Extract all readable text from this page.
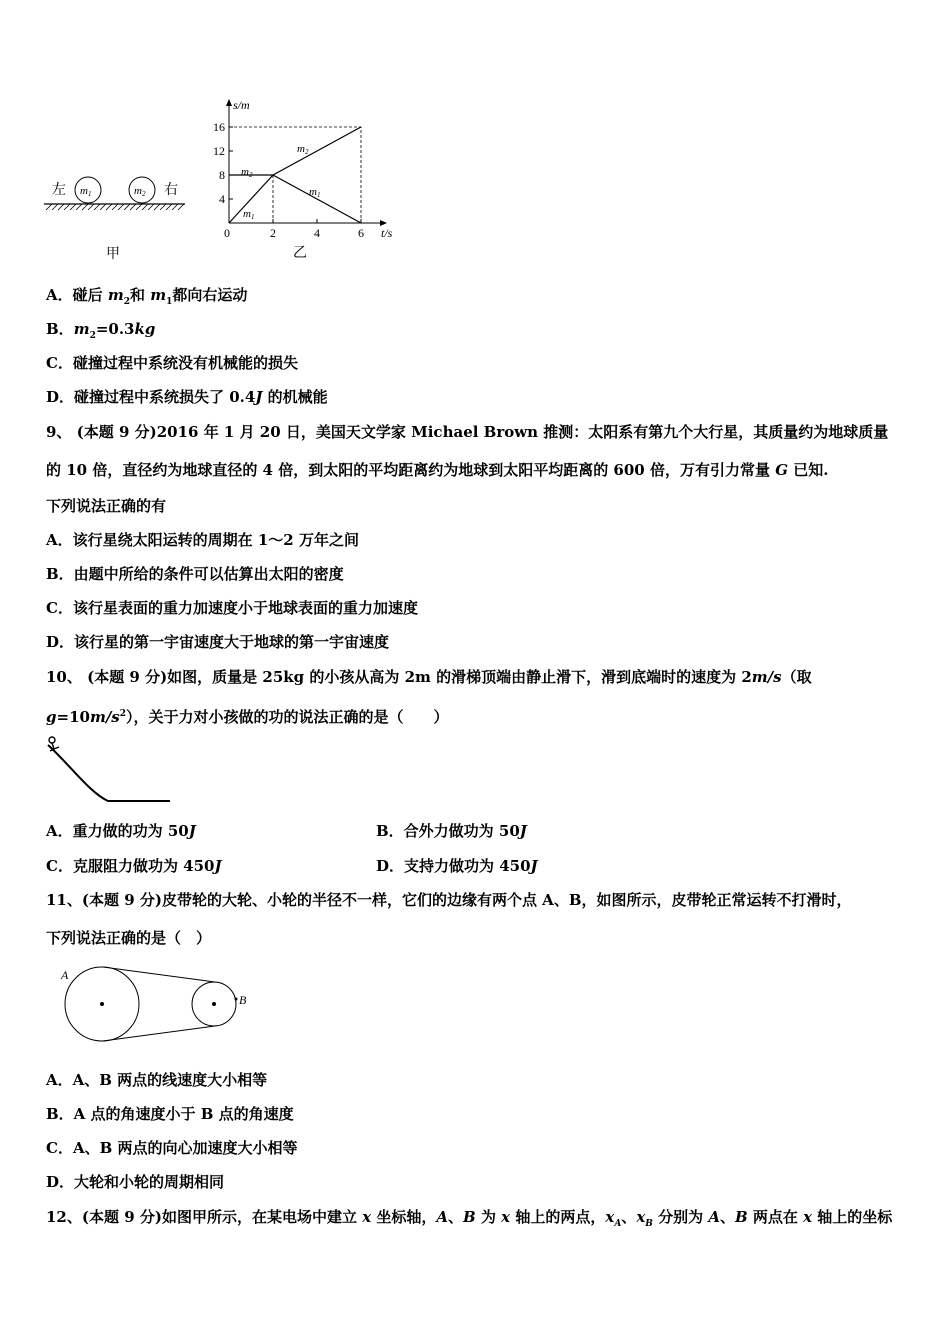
左 m1	m2 右
甲
s/m
t/s
16
12
8
4
0	2	4	6
m2
m2
m1
m1
乙
A．碰后 $m_2$和 $m_1$都向右运动
B．$m_2=0.3kg$
C．碰撞过程中系统没有机械能的损失
D．碰撞过程中系统损失了 0.4J 的机械能
9、 (本题 9 分)2016 年 1 月 20 日，美国天文学家 Michael Brown 推测：太阳系有第九个大行星，其质量约为地球质量
的 10 倍，直径约为地球直径的 4 倍，到太阳的平均距离约为地球到太阳平均距离的 600 倍，万有引力常量 G 已知.
下列说法正确的有
A．该行星绕太阳运转的周期在 1～2 万年之间
B．由题中所给的条件可以估算出太阳的密度
C．该行星表面的重力加速度小于地球表面的重力加速度
D．该行星的第一宇宙速度大于地球的第一宇宙速度
10、 (本题 9 分)如图，质量是 25kg 的小孩从高为 2m 的滑梯顶端由静止滑下，滑到底端时的速度为 2m/s（取
$g=10m/s^2$），关于力对小孩做的功的说法正确的是（　　）
A．重力做的功为 50J	B．合外力做功为 50J
C．克服阻力做功为 450J	D．支持力做功为 450J
11、(本题 9 分)皮带轮的大轮、小轮的半径不一样，它们的边缘有两个点 A、B，如图所示，皮带轮正常运转不打滑时，
下列说法正确的是（　）
A
B
A．A、B 两点的线速度大小相等
B．A 点的角速度小于 B 点的角速度
C．A、B 两点的向心加速度大小相等
D．大轮和小轮的周期相同
12、(本题 9 分)如图甲所示，在某电场中建立 x 坐标轴，A、B 为 x 轴上的两点，$x_A$、$x_B$ 分别为 A、B 两点在 x 轴上的坐标
